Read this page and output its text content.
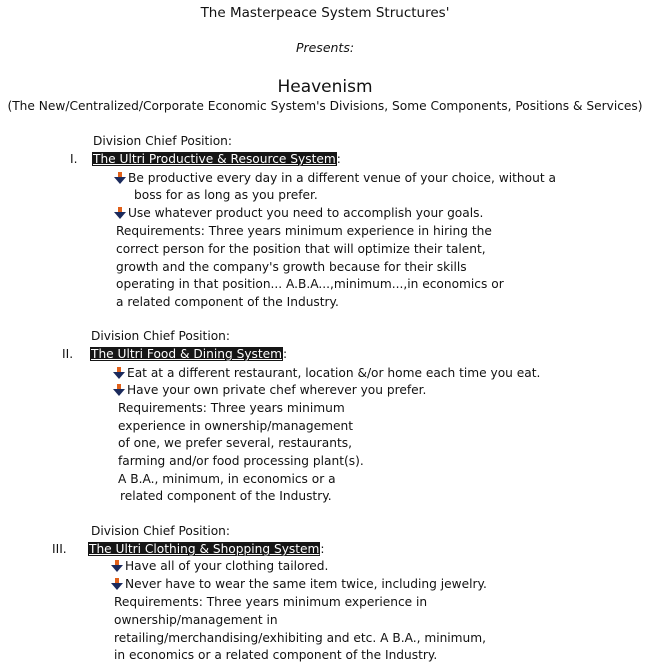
The Masterpeace System Structures'
Presents:
Heavenism
(The New/Centralized/Corporate Economic System's Divisions, Some Components, Positions & Services)
Division Chief Position:
I. The Ultri Productive & Resource System:
Be productive every day in a different venue of your choice, without a
boss for as long as you prefer.
Use whatever product you need to accomplish your goals.
Requirements: Three years minimum experience in hiring the
correct person for the position that will optimize their talent,
growth and the company's growth because for their skills
operating in that position... A.B.A...,minimum...,in economics or
a related component of the Industry.
Division Chief Position:
II. The Ultri Food & Dining System:
Eat at a different restaurant, location &/or home each time you eat.
Have your own private chef wherever you prefer.
Requirements: Three years minimum
experience in ownership/management
of one, we prefer several, restaurants,
farming and/or food processing plant(s).
A B.A., minimum, in economics or a
related component of the Industry.
Division Chief Position:
III. The Ultri Clothing & Shopping System:
Have all of your clothing tailored.
Never have to wear the same item twice, including jewelry.
Requirements: Three years minimum experience in
ownership/management in
retailing/merchandising/exhibiting and etc. A B.A., minimum,
in economics or a related component of the Industry.
